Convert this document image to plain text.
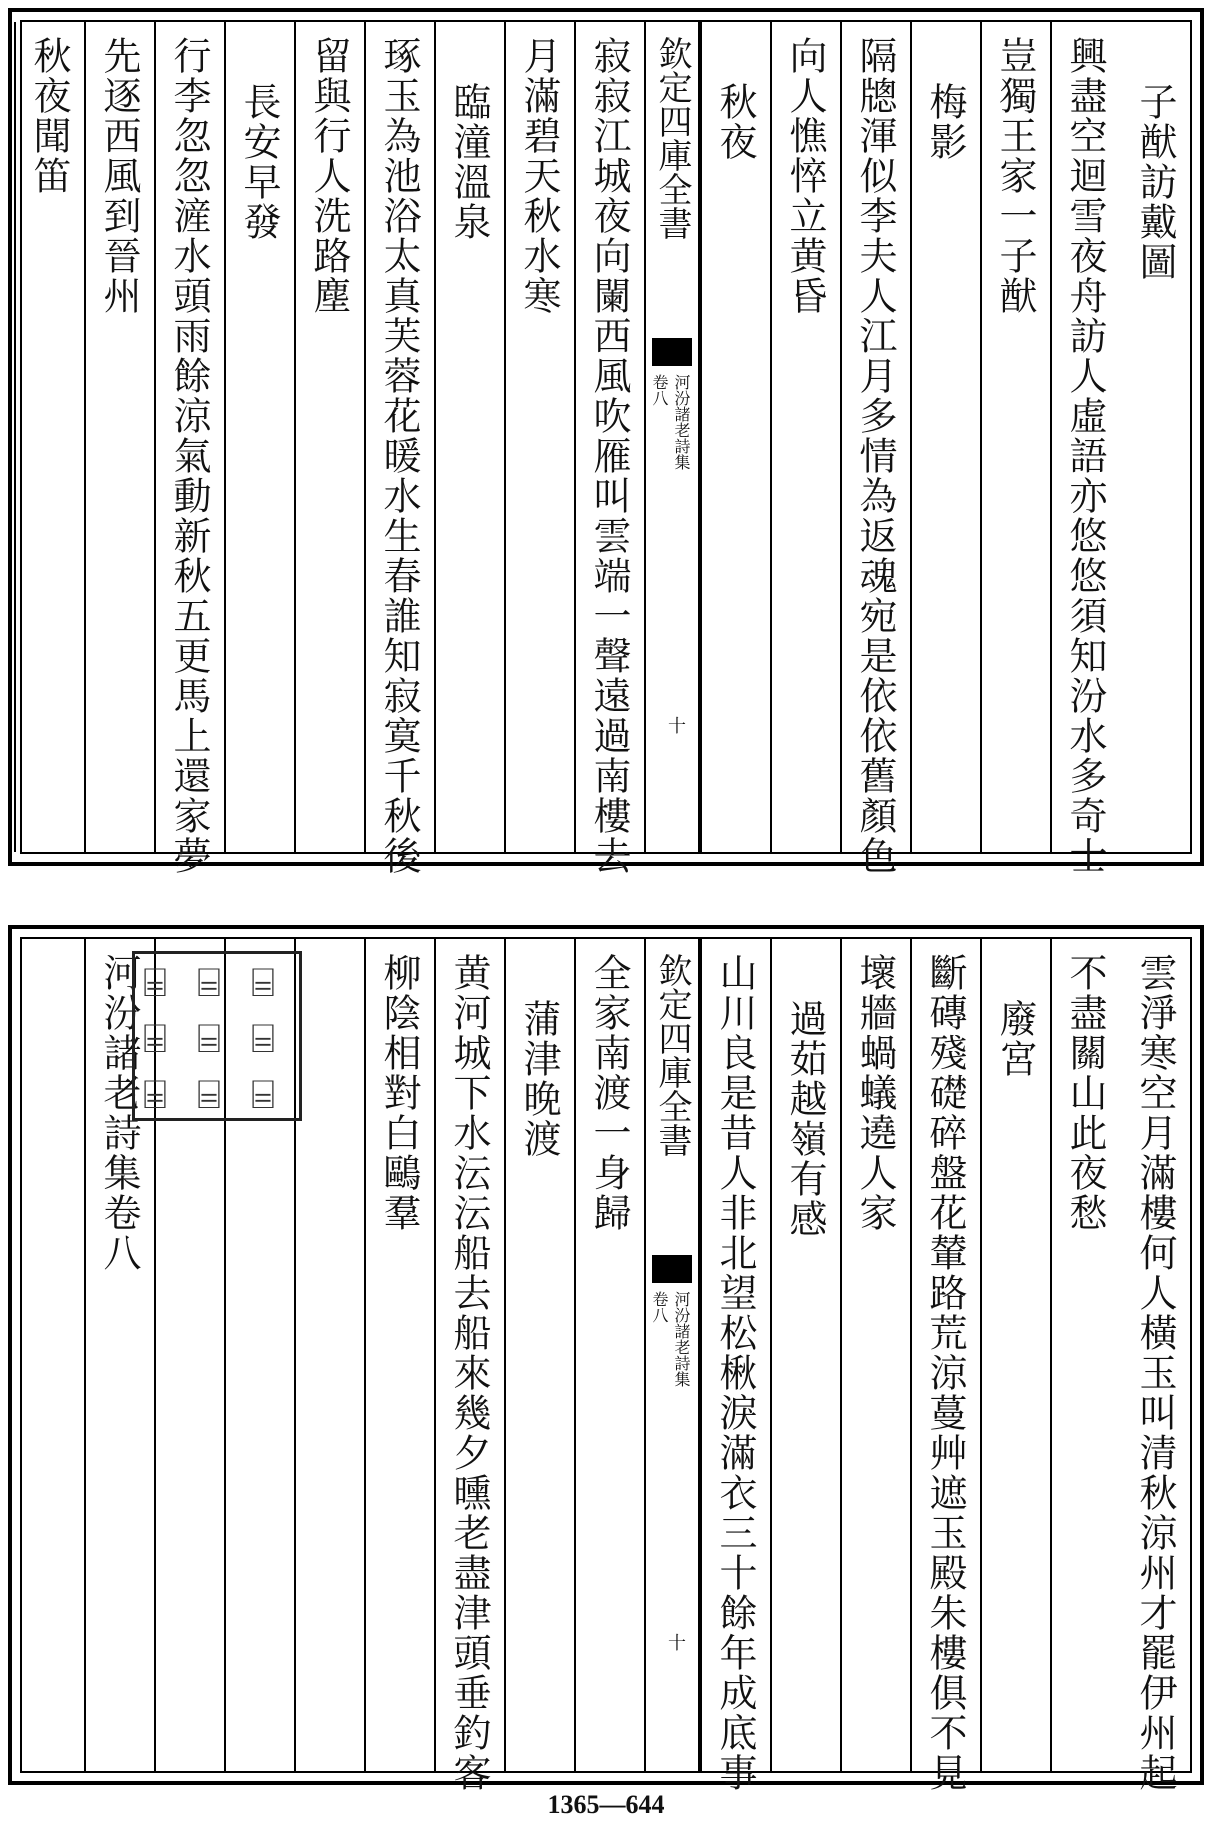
子猷訪戴圖
興盡空迴雪夜舟訪人虛語亦悠悠須知汾水多奇士
豈獨王家一子猷
梅影
隔牕渾似李夫人江月多情為返魂宛是依依舊顏色
向人憔悴立黄昏
秋夜
欽定四庫全書
河汾諸老詩集
卷八
十
寂寂江城夜向闌西風吹雁叫雲端一聲遠過南樓去
月滿碧天秋水寒
臨潼溫泉
琢玉為池浴太真芙蓉花暖水生春誰知寂寞千秋後
留與行人洗路塵
長安早發
行李忽忽滻水頭雨餘涼氣動新秋五更馬上還家夢
先逐西風到晉州
秋夜聞笛
雲淨寒空月滿樓何人橫玉叫清秋涼州才罷伊州起
不盡關山此夜愁
廢宮
斷磚殘礎碎盤花輦路荒涼蔓艸遮玉殿朱樓俱不見
壞牆蝸蟻遶人家
過茹越嶺有感
山川良是昔人非北望松楸淚滿衣三十餘年成底事
欽定四庫全書
河汾諸老詩集
卷八
十
全家南渡一身歸
蒲津晚渡
黄河城下水沄沄船去船來幾夕曛老盡津頭垂釣客
柳陰相對白鷗羣
河汾諸老詩集卷八 ⌸ ⌸ ⌸
⌸ ⌸ ⌸
⌸ ⌸ ⌸
1365—644
